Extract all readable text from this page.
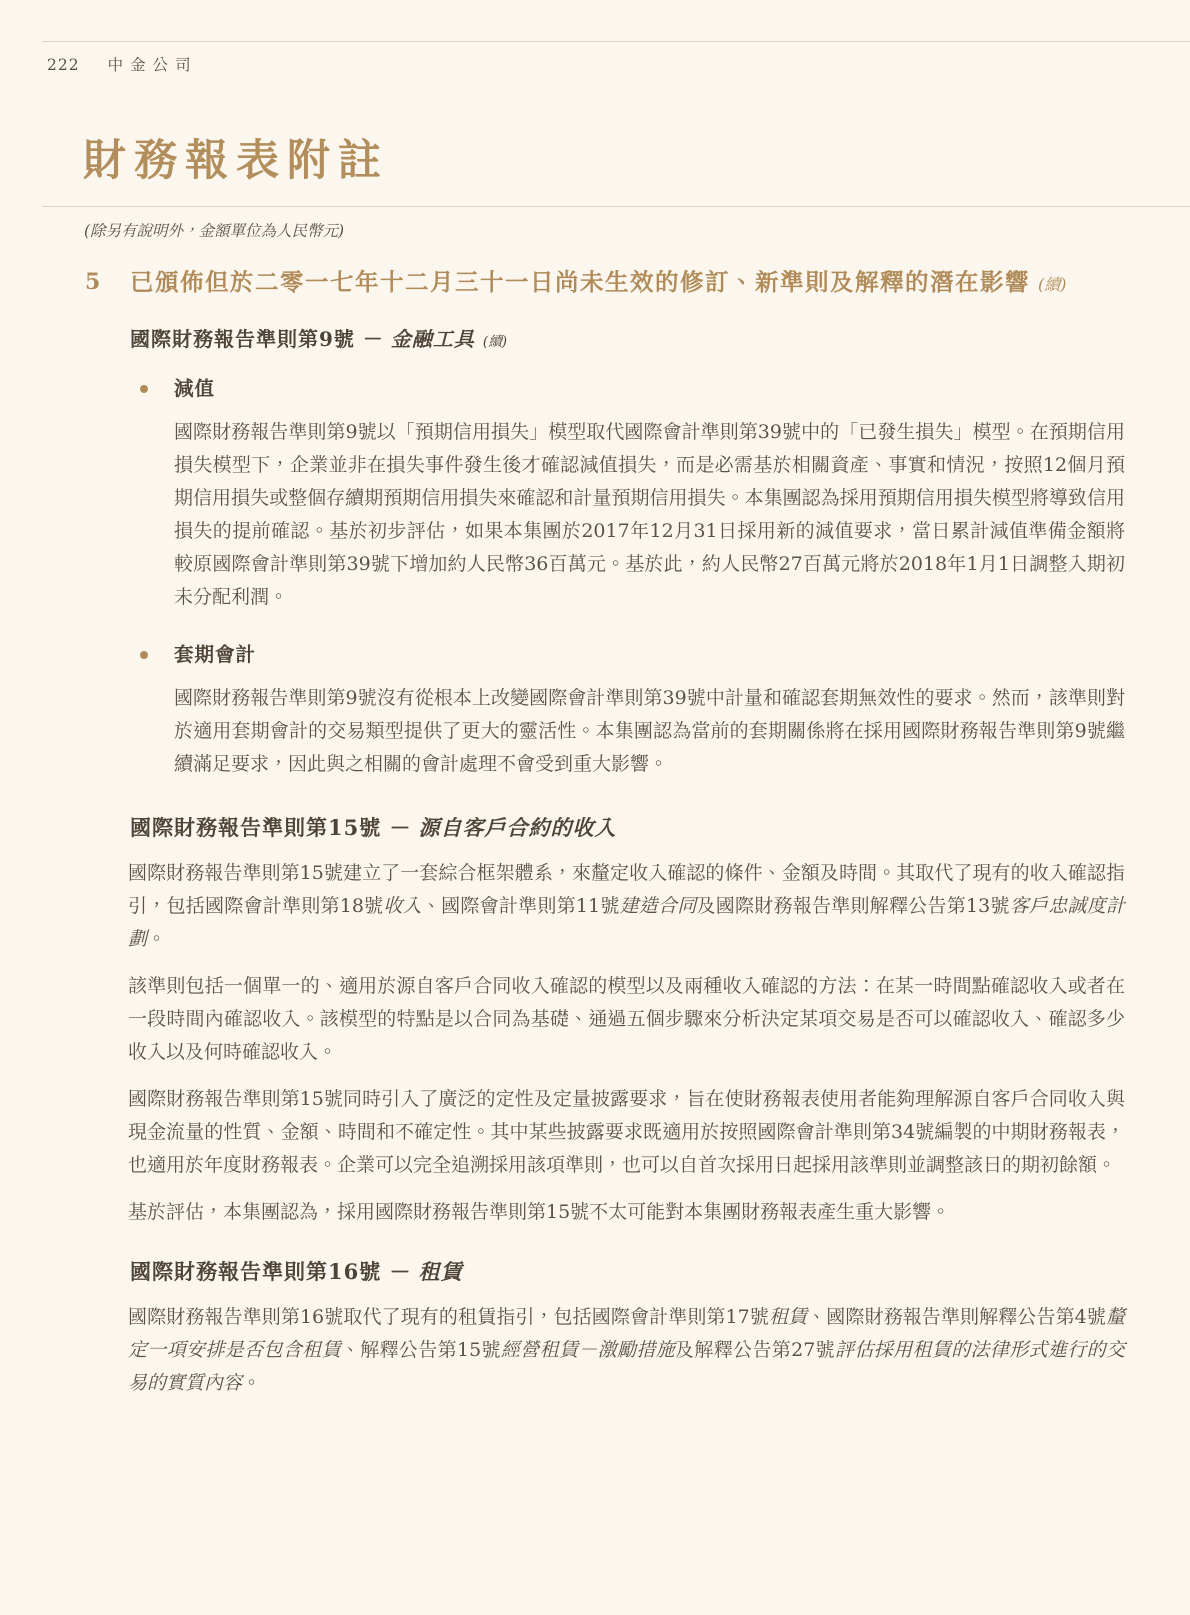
222 中金公司
財務報表附註

(除另有說明外，金額單位為人民幣元)

5 已頒佈但於二零一七年十二月三十一日尚未生效的修訂、新準則及解釋的潛在影響 (續)
國際財務報告準則第9號 － 金融工具 (續)
減值

國際財務報告準則第9號以「預期信用損失」模型取代國際會計準則第39號中的「已發生損失」模型。在預期信用損失模型下，企業並非在損失事件發生後才確認減值損失，而是必需基於相關資產、事實和情況，按照12個月預期信用損失或整個存續期預期信用損失來確認和計量預期信用損失。本集團認為採用預期信用損失模型將導致信用損失的提前確認。基於初步評估，如果本集團於2017年12月31日採用新的減值要求，當日累計減值準備金額將較原國際會計準則第39號下增加約人民幣36百萬元。基於此，約人民幣27百萬元將於2018年1月1日調整入期初未分配利潤。

套期會計

國際財務報告準則第9號沒有從根本上改變國際會計準則第39號中計量和確認套期無效性的要求。然而，該準則對於適用套期會計的交易類型提供了更大的靈活性。本集團認為當前的套期關係將在採用國際財務報告準則第9號繼續滿足要求，因此與之相關的會計處理不會受到重大影響。

國際財務報告準則第15號 － 源自客戶合約的收入

國際財務報告準則第15號建立了一套綜合框架體系，來釐定收入確認的條件、金額及時間。其取代了現有的收入確認指引，包括國際會計準則第18號收入、國際會計準則第11號建造合同及國際財務報告準則解釋公告第13號客戶忠誠度計劃。

該準則包括一個單一的、適用於源自客戶合同收入確認的模型以及兩種收入確認的方法：在某一時間點確認收入或者在一段時間內確認收入。該模型的特點是以合同為基礎、通過五個步驟來分析決定某項交易是否可以確認收入、確認多少收入以及何時確認收入。

國際財務報告準則第15號同時引入了廣泛的定性及定量披露要求，旨在使財務報表使用者能夠理解源自客戶合同收入與現金流量的性質、金額、時間和不確定性。其中某些披露要求既適用於按照國際會計準則第34號編製的中期財務報表，也適用於年度財務報表。企業可以完全追溯採用該項準則，也可以自首次採用日起採用該準則並調整該日的期初餘額。

基於評估，本集團認為，採用國際財務報告準則第15號不太可能對本集團財務報表產生重大影響。

國際財務報告準則第16號 － 租賃

國際財務報告準則第16號取代了現有的租賃指引，包括國際會計準則第17號租賃、國際財務報告準則解釋公告第4號釐定一項安排是否包含租賃、解釋公告第15號經營租賃－激勵措施及解釋公告第27號評估採用租賃的法律形式進行的交易的實質內容。
